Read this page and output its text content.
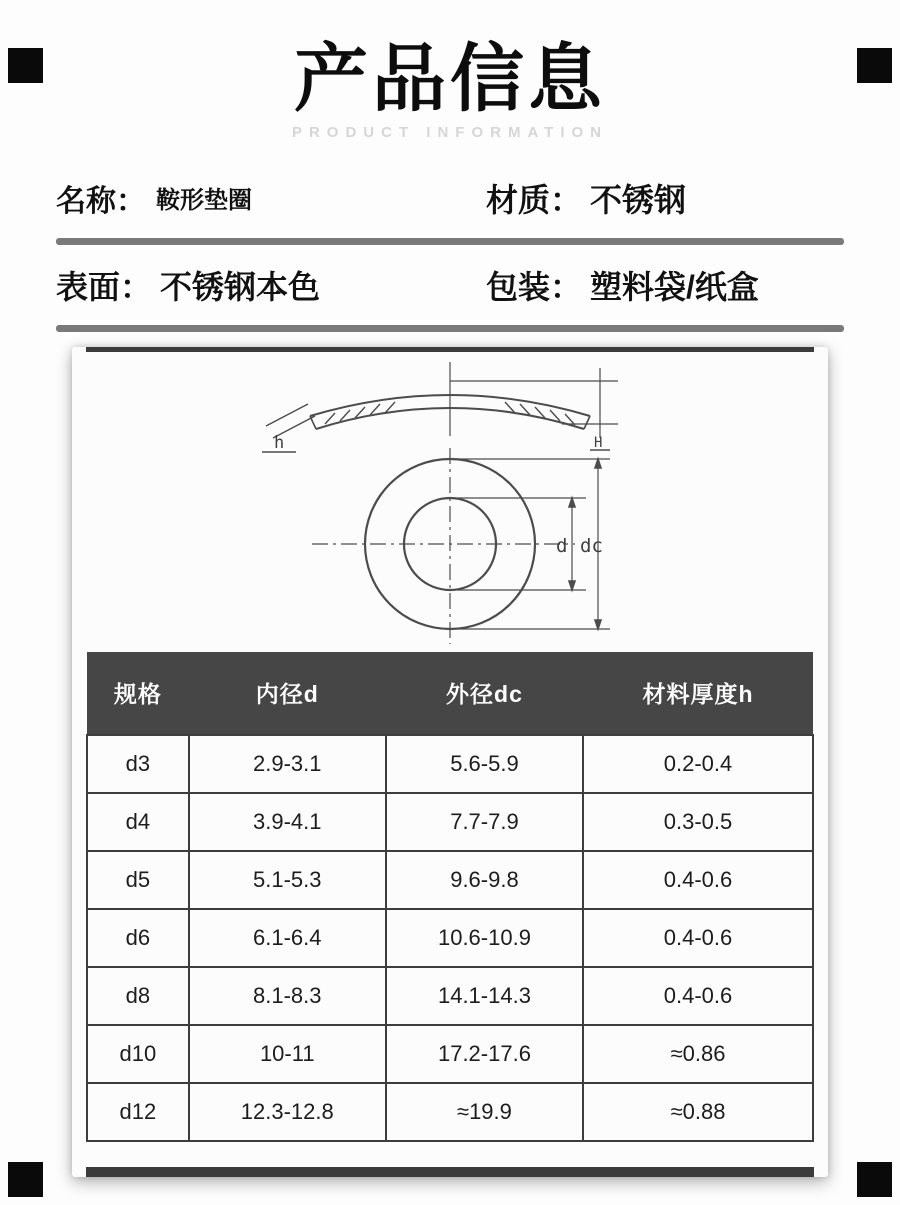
产品信息
PRODUCT INFORMATION
名称： 鞍形垫圈	材质： 不锈钢
表面： 不锈钢本色	包装： 塑料袋/纸盒
h	H
d dc
规格	内径d	外径dc	材料厚度h
d3	2.9-3.1	5.6-5.9	0.2-0.4
d4	3.9-4.1	7.7-7.9	0.3-0.5
d5	5.1-5.3	9.6-9.8	0.4-0.6
d6	6.1-6.4	10.6-10.9	0.4-0.6
d8	8.1-8.3	14.1-14.3	0.4-0.6
d10	10-11	17.2-17.6	≈0.86
d12	12.3-12.8	≈19.9	≈0.88
